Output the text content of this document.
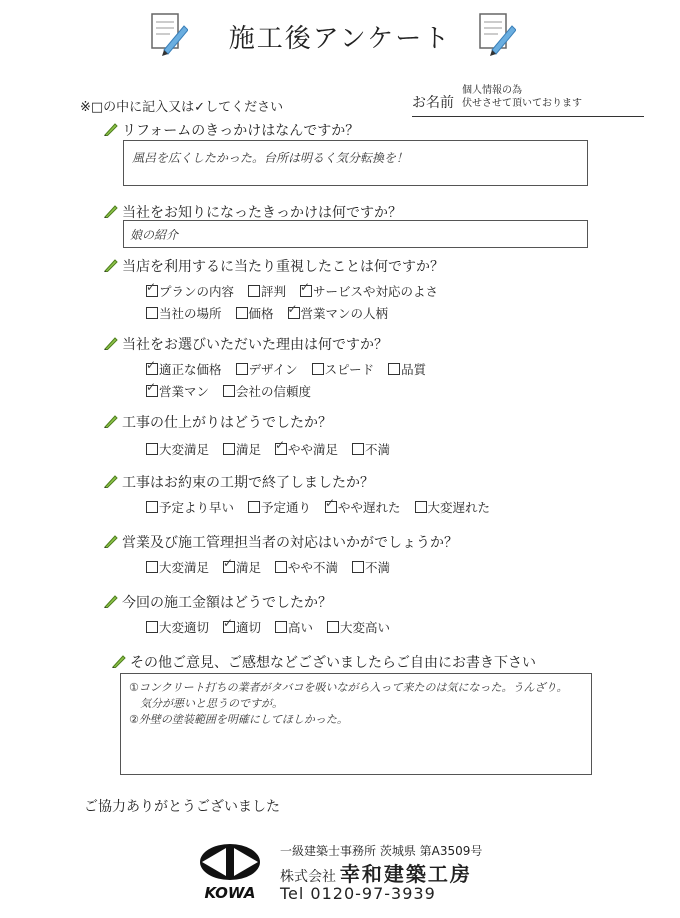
施工後アンケート
※□の中に記入又は✓してください	お名前
個人情報の為
伏せさせて頂いております
リフォームのきっかけはなんですか？
風呂を広くしたかった。台所は明るく気分転換を！
当社をお知りになったきっかけは何ですか？
娘の紹介
当店を利用するに当たり重視したことは何ですか？
✓プランの内容 評判 ✓ サービスや対応のよさ
当社の場所 価格 ✓ 営業マンの人柄
当社をお選びいただいた理由は何ですか？
✓適正な価格 デザイン スピード 品質
✓営業マン 会社の信頼度
工事の仕上がりはどうでしたか？
大変満足 満足 ✓ やや満足 不満
工事はお約束の工期で終了しましたか？
予定より早い 予定通り ✓ やや遅れた 大変遅れた
営業及び施工管理担当者の対応はいかがでしょうか？
大変満足 ✓ 満足 やや不満 不満
今回の施工金額はどうでしたか？
大変適切 ✓ 適切 高い 大変高い
その他ご意見、ご感想などございましたらご自由にお書き下さい
①コンクリート打ちの業者がタバコを吸いながら入って来たのは気になった。うんざり。
　気分が悪いと思うのですが。
②外壁の塗装範囲を明確にしてほしかった。
ご協力ありがとうございました
KOWA
一級建築士事務所 茨城県 第A3509号
株式会社 幸和建築工房
Tel 0120-97-3939
